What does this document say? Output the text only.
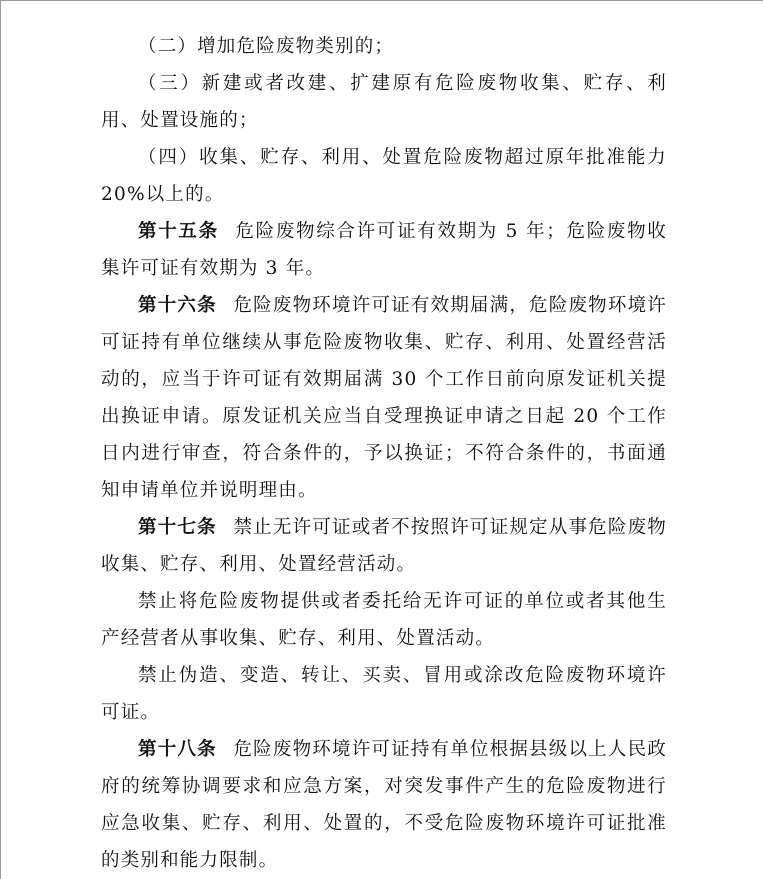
（二）增加危险废物类别的；

（三）新建或者改建、扩建原有危险废物收集、贮存、利用、处置设施的；

（四）收集、贮存、利用、处置危险废物超过原年批准能力 20%以上的。

第十五条 危险废物综合许可证有效期为 5 年；危险废物收集许可证有效期为 3 年。

第十六条 危险废物环境许可证有效期届满，危险废物环境许可证持有单位继续从事危险废物收集、贮存、利用、处置经营活动的，应当于许可证有效期届满 30 个工作日前向原发证机关提出换证申请。原发证机关应当自受理换证申请之日起 20 个工作日内进行审查，符合条件的，予以换证；不符合条件的，书面通知申请单位并说明理由。

第十七条 禁止无许可证或者不按照许可证规定从事危险废物收集、贮存、利用、处置经营活动。

禁止将危险废物提供或者委托给无许可证的单位或者其他生产经营者从事收集、贮存、利用、处置活动。

禁止伪造、变造、转让、买卖、冒用或涂改危险废物环境许可证。

第十八条 危险废物环境许可证持有单位根据县级以上人民政府的统筹协调要求和应急方案，对突发事件产生的危险废物进行应急收集、贮存、利用、处置的，不受危险废物环境许可证批准的类别和能力限制。
